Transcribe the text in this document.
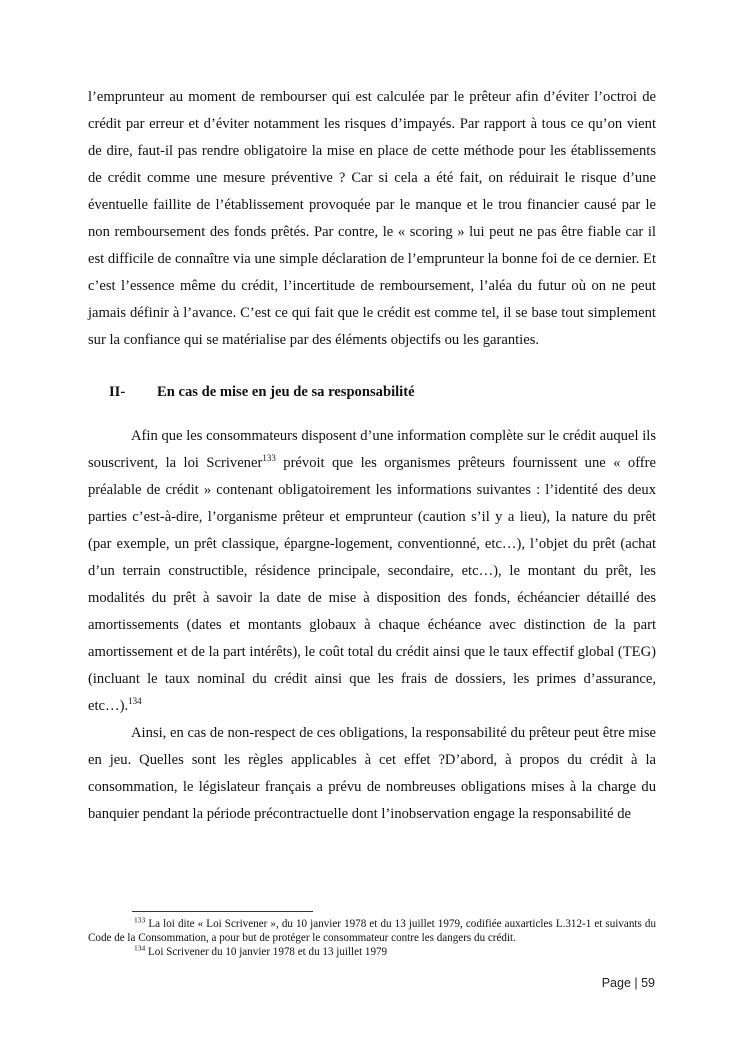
l’emprunteur au moment de rembourser qui est calculée par le prêteur afin d’éviter l’octroi de crédit par erreur et d’éviter notamment les risques d’impayés. Par rapport à tous ce qu’on vient de dire, faut-il pas rendre obligatoire la mise en place de cette méthode pour les établissements de crédit comme une mesure préventive ? Car si cela a été fait, on réduirait le risque d’une éventuelle faillite de l’établissement provoquée par le manque et le trou financier causé par le non remboursement des fonds prêtés. Par contre, le « scoring » lui peut ne pas être fiable car il est difficile de connaître via une simple déclaration de l’emprunteur la bonne foi de ce dernier. Et c’est l’essence même du crédit, l’incertitude de remboursement, l’aléa du futur où on ne peut jamais définir à l’avance. C’est ce qui fait que le crédit est comme tel, il se base tout simplement sur la confiance qui se matérialise par des éléments objectifs ou les garanties.

II- En cas de mise en jeu de sa responsabilité

Afin que les consommateurs disposent d’une information complète sur le crédit auquel ils souscrivent, la loi Scrivener$^{133}$ prévoit que les organismes prêteurs fournissent une « offre préalable de crédit » contenant obligatoirement les informations suivantes : l’identité des deux parties c’est-à-dire, l’organisme prêteur et emprunteur (caution s’il y a lieu), la nature du prêt (par exemple, un prêt classique, épargne-logement, conventionné, etc…), l’objet du prêt (achat d’un terrain constructible, résidence principale, secondaire, etc…), le montant du prêt, les modalités du prêt à savoir la date de mise à disposition des fonds, échéancier détaillé des amortissements (dates et montants globaux à chaque échéance avec distinction de la part amortissement et de la part intérêts), le coût total du crédit ainsi que le taux effectif global (TEG) (incluant le taux nominal du crédit ainsi que les frais de dossiers, les primes d’assurance, etc…).$^{134}$

Ainsi, en cas de non-respect de ces obligations, la responsabilité du prêteur peut être mise en jeu. Quelles sont les règles applicables à cet effet ?D’abord, à propos du crédit à la consommation, le législateur français a prévu de nombreuses obligations mises à la charge du banquier pendant la période précontractuelle dont l’inobservation engage la responsabilité de

$^{133}$ La loi dite « Loi Scrivener », du 10 janvier 1978 et du 13 juillet 1979, codifiée auxarticles L.312-1 et suivants du Code de la Consommation, a pour but de protéger le consommateur contre les dangers du crédit.

$^{134}$ Loi Scrivener du 10 janvier 1978 et du 13 juillet 1979

Page | 59
